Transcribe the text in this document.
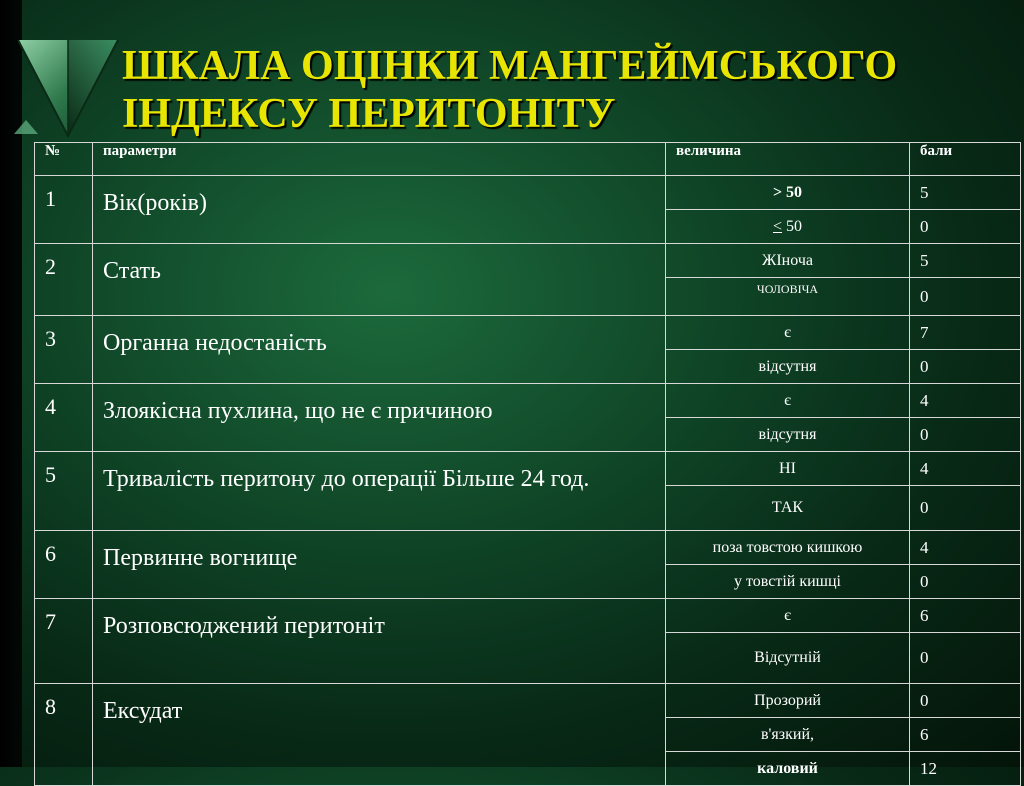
ШКАЛА ОЦІНКИ МАНГЕЙМСЬКОГО
ІНДЕКСУ ПЕРИТОНІТУ
№	параметри	величина	бали
1	Вік(років)	> 50	5
		≤ 50	0
2	Стать	ЖІноча	5
		ЧОЛОВІЧА	0
3	Органна недостаність	є	7
		відсутня	0
4	Злоякісна пухлина, що не є причиною	є	4
		відсутня	0
5	Тривалість перитону до операції Більше 24 год.	НІ	4
		ТАК	0
6	Первинне вогнище	поза товстою кишкою	4
		у товстій кишці	0
7	Розповсюджений перитоніт	є	6
		Відсутній	0
8	Ексудат	Прозорий	0
		в'язкий,	6
		каловий	12
